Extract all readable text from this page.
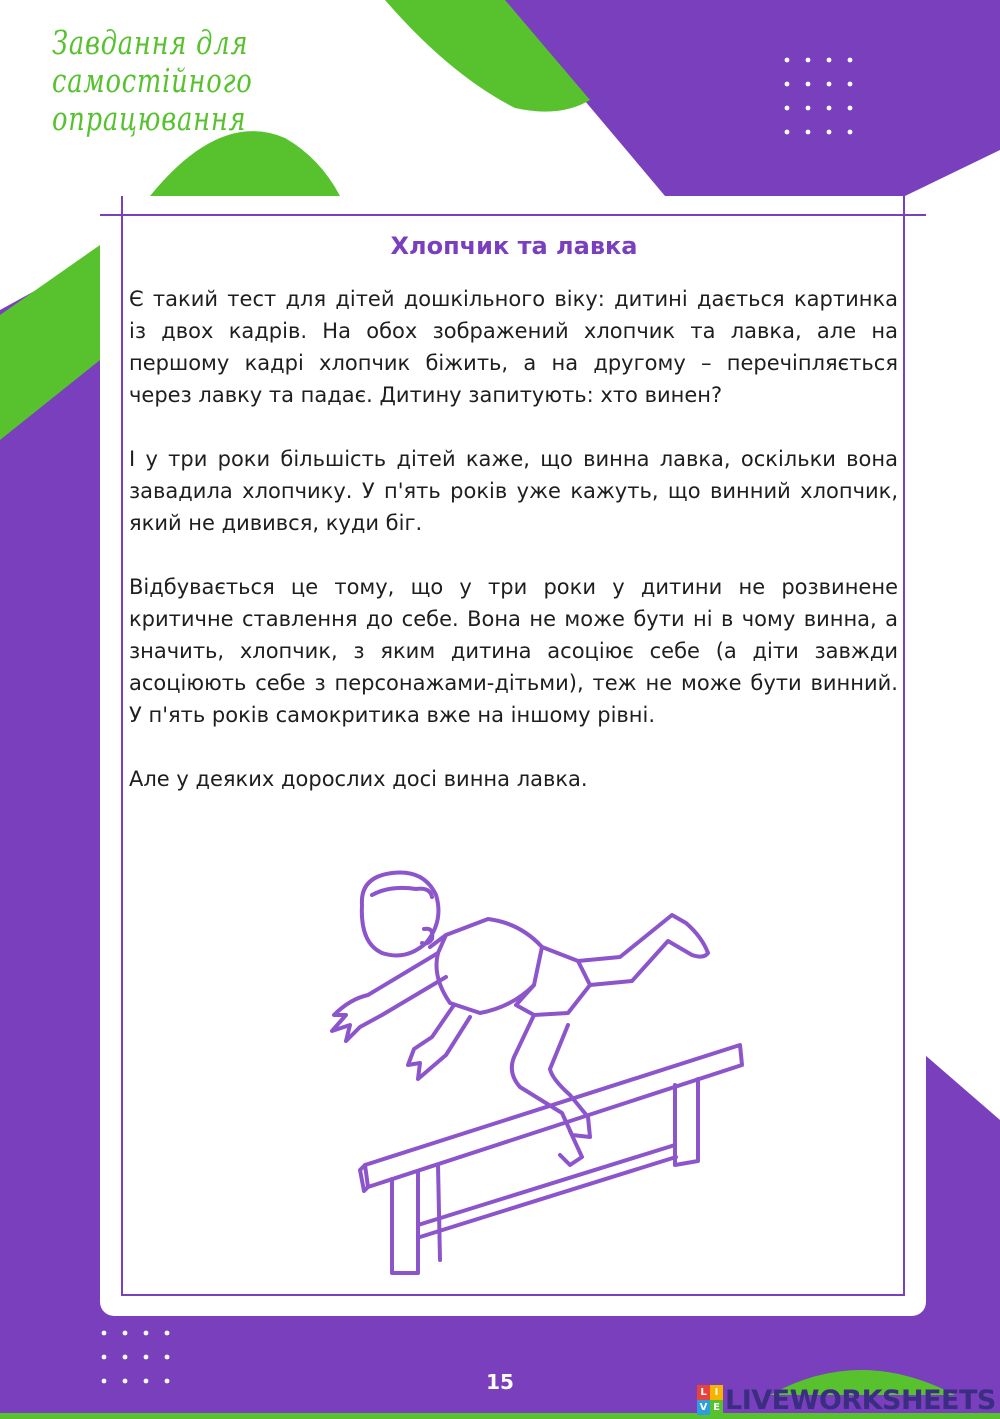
Завдання для самостійного опрацювання
Хлопчик та лавка

Є такий тест для дітей дошкільного віку: дитині дається картинка із двох кадрів. На обох зображений хлопчик та лавка, але на першому кадрі хлопчик біжить, а на другому – перечіпляється через лавку та падає. Дитину запитують: хто винен?

І у три роки більшість дітей каже, що винна лавка, оскільки вона завадила хлопчику. У п'ять років уже кажуть, що винний хлопчик, який не дивився, куди біг.

Відбувається це тому, що у три роки у дитини не розвинене критичне ставлення до себе. Вона не може бути ні в чому винна, а значить, хлопчик, з яким дитина асоціює себе (а діти завжди асоціюють себе з персонажами-дітьми), теж не може бути винний. У п'ять років самокритика вже на іншому рівні.

Але у деяких дорослих досі винна лавка.

15	L I
V E LIVEWORKSHEETS
